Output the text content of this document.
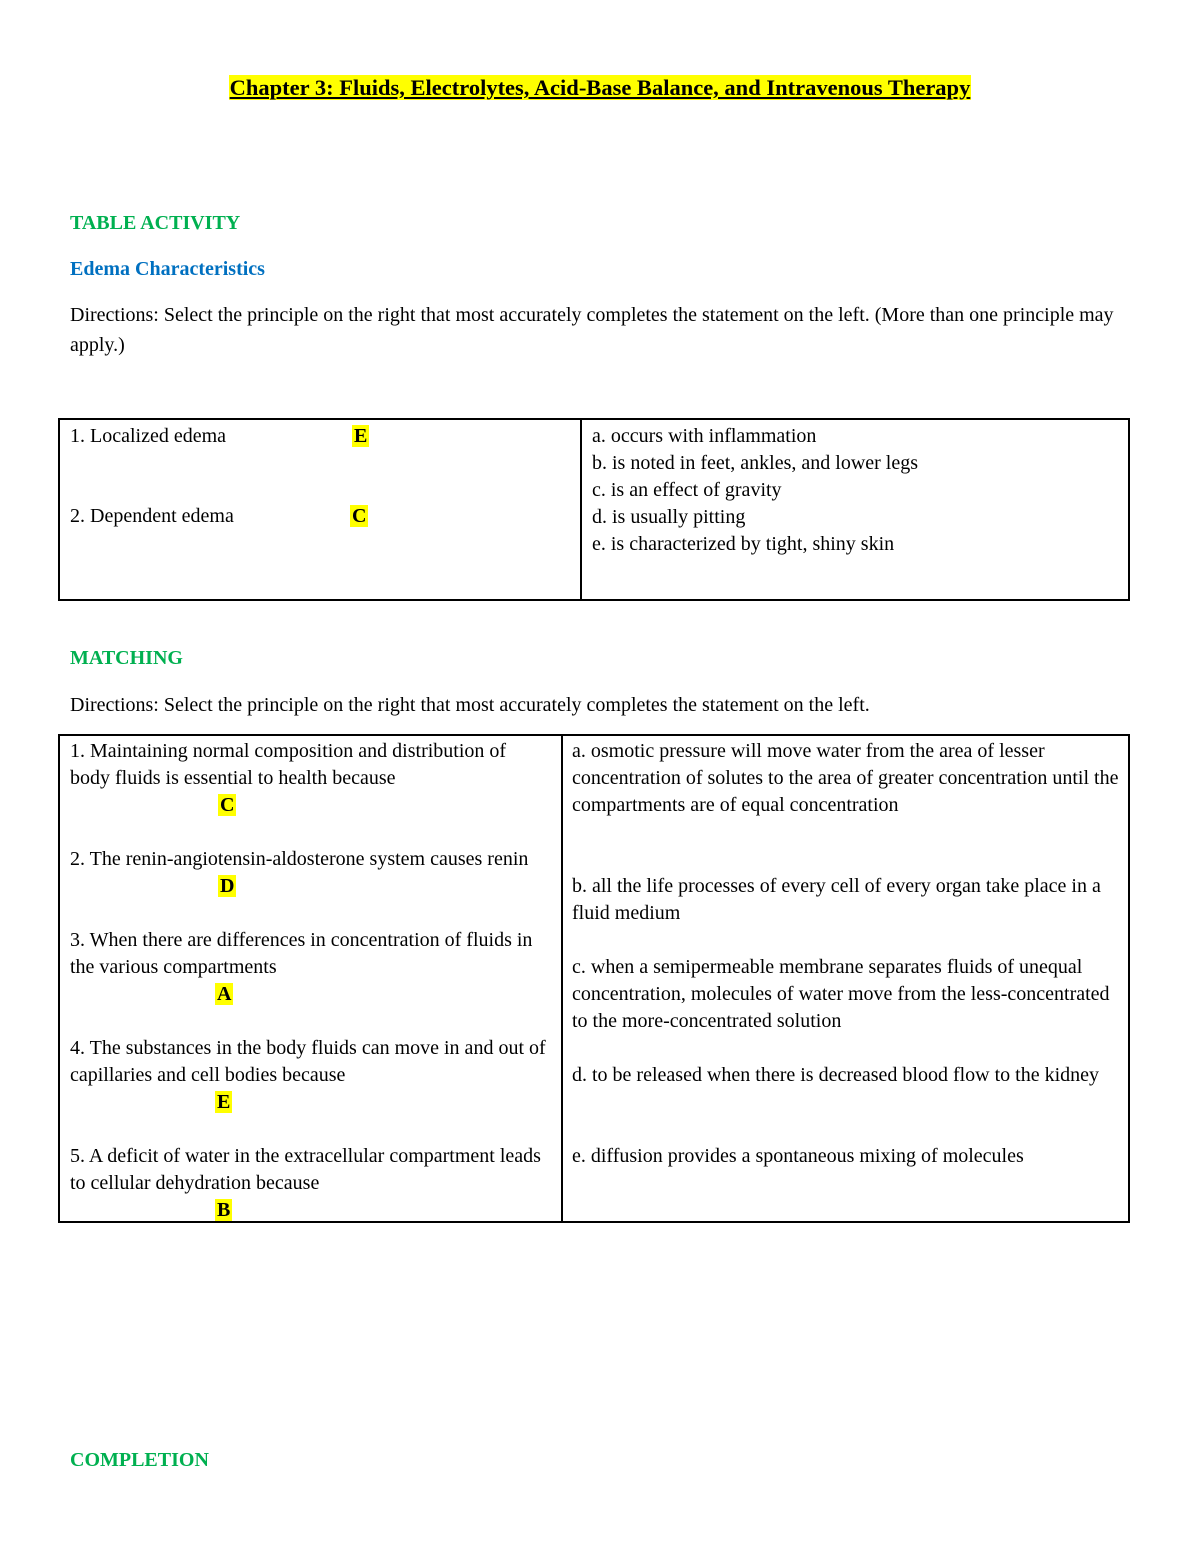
Chapter 3: Fluids, Electrolytes, Acid-Base Balance, and Intravenous Therapy
TABLE ACTIVITY
Edema Characteristics
Directions: Select the principle on the right that most accurately completes the statement on the left. (More than one principle may apply.)
1. Localized edema	E
2. Dependent edema	C
a. occurs with inflammation
b. is noted in feet, ankles, and lower legs
c. is an effect of gravity
d. is usually pitting
e. is characterized by tight, shiny skin
MATCHING
Directions: Select the principle on the right that most accurately completes the statement on the left.
1. Maintaining normal composition and distribution of body fluids is essential to health because
C
2. The renin-angiotensin-aldosterone system causes renin
D
3. When there are differences in concentration of fluids in the various compartments
A
4. The substances in the body fluids can move in and out of capillaries and cell bodies because
E
5. A deficit of water in the extracellular compartment leads to cellular dehydration because
B
a. osmotic pressure will move water from the area of lesser concentration of solutes to the area of greater concentration until the compartments are of equal concentration
b. all the life processes of every cell of every organ take place in a fluid medium
c. when a semipermeable membrane separates fluids of unequal concentration, molecules of water move from the less-concentrated to the more-concentrated solution
d. to be released when there is decreased blood flow to the kidney
e. diffusion provides a spontaneous mixing of molecules
COMPLETION
